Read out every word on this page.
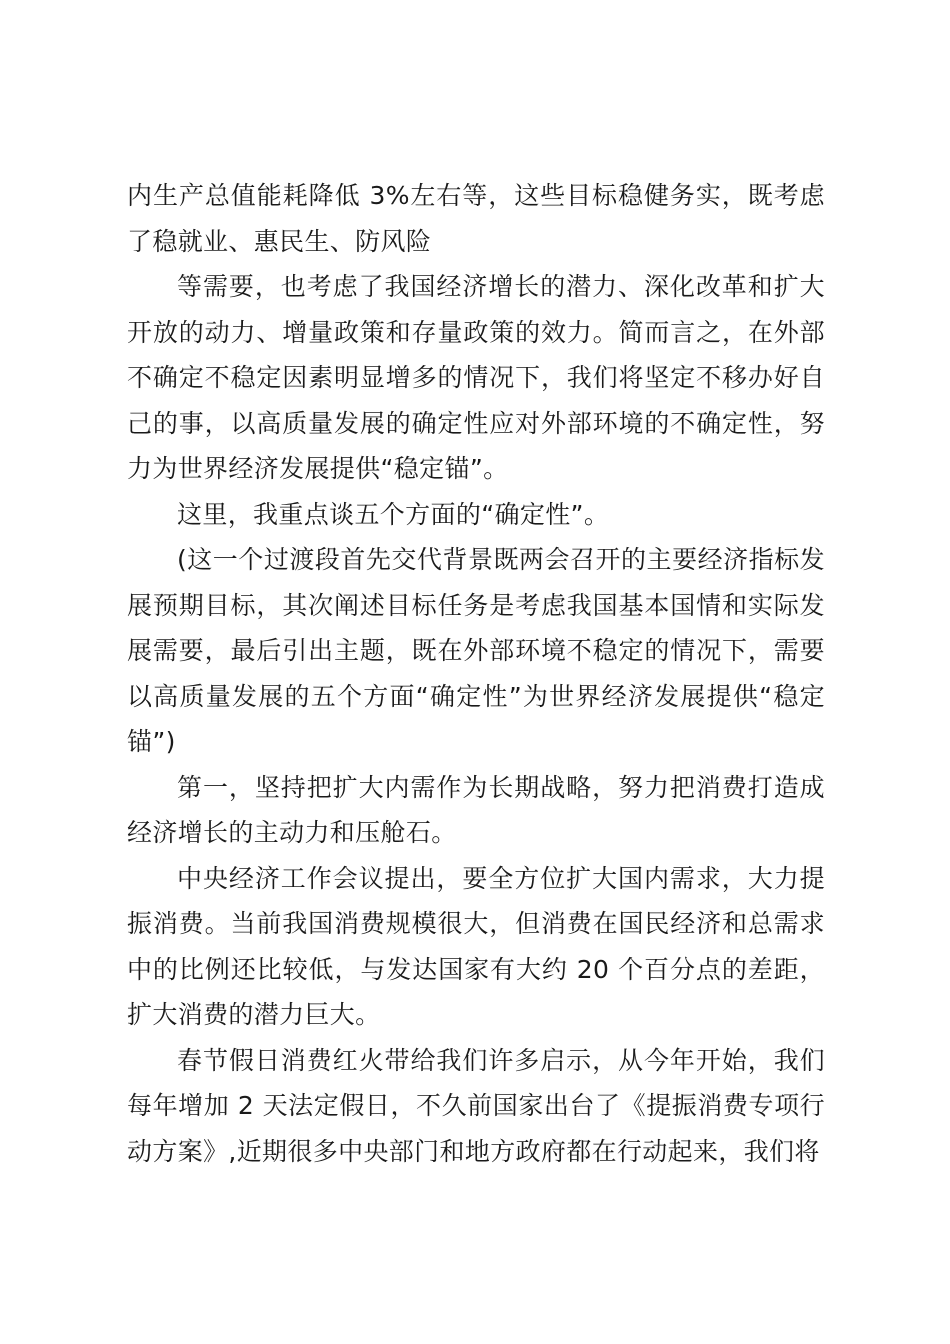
内生产总值能耗降低 3%左右等，这些目标稳健务实，既考虑了稳就业、惠民生、防风险

等需要，也考虑了我国经济增长的潜力、深化改革和扩大开放的动力、增量政策和存量政策的效力。简而言之，在外部不确定不稳定因素明显增多的情况下，我们将坚定不移办好自己的事，以高质量发展的确定性应对外部环境的不确定性，努力为世界经济发展提供“稳定锚”。

这里，我重点谈五个方面的“确定性”。

(这一个过渡段首先交代背景既两会召开的主要经济指标发展预期目标，其次阐述目标任务是考虑我国基本国情和实际发展需要，最后引出主题，既在外部环境不稳定的情况下，需要以高质量发展的五个方面“确定性”为世界经济发展提供“稳定锚”)

第一，坚持把扩大内需作为长期战略，努力把消费打造成经济增长的主动力和压舱石。

中央经济工作会议提出，要全方位扩大国内需求，大力提振消费。当前我国消费规模很大，但消费在国民经济和总需求中的比例还比较低，与发达国家有大约 20 个百分点的差距，扩大消费的潜力巨大。

春节假日消费红火带给我们许多启示，从今年开始，我们每年增加 2 天法定假日，不久前国家出台了《提振消费专项行动方案》,近期很多中央部门和地方政府都在行动起来，我们将
